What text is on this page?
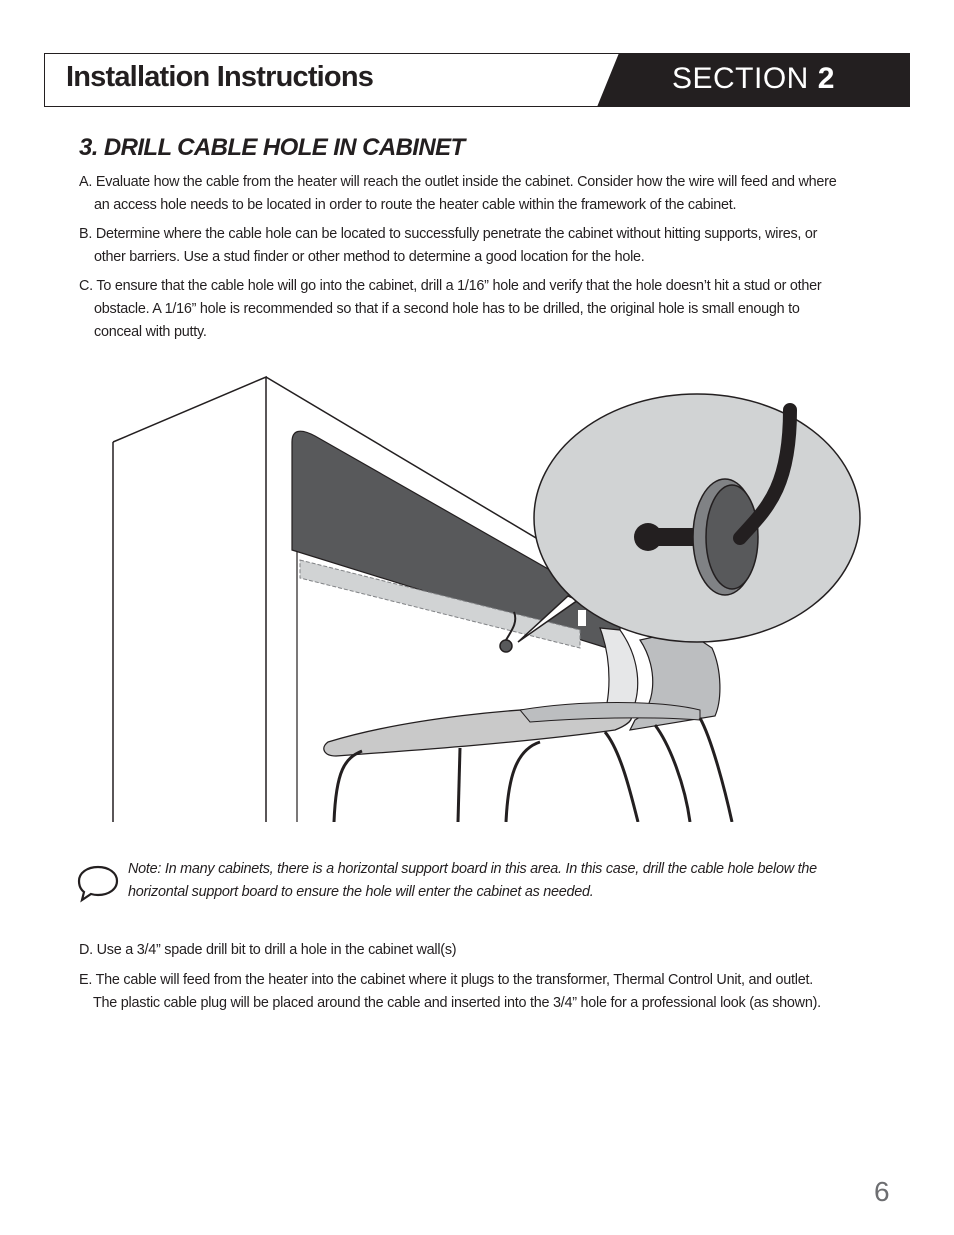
Installation Instructions	SECTION 2
3. DRILL CABLE HOLE IN CABINET
A. Evaluate how the cable from the heater will reach the outlet inside the cabinet. Consider how the wire will feed and where
an access hole needs to be located in order to route the heater cable within the framework of the cabinet.
B. Determine where the cable hole can be located to successfully penetrate the cabinet without hitting supports, wires, or
other barriers. Use a stud finder or other method to determine a good location for the hole.
C. To ensure that the cable hole will go into the cabinet, drill a 1/16” hole and verify that the hole doesn’t hit a stud or other
obstacle. A 1/16” hole is recommended so that if a second hole has to be drilled, the original hole is small enough to
conceal with putty.
Note: In many cabinets, there is a horizontal support board in this area. In this case, drill the cable hole below the
horizontal support board to ensure the hole will enter the cabinet as needed.
D. Use a 3/4” spade drill bit to drill a hole in the cabinet wall(s)
E. The cable will feed from the heater into the cabinet where it plugs to the transformer, Thermal Control Unit, and outlet.
The plastic cable plug will be placed around the cable and inserted into the 3/4” hole for a professional look (as shown).
6
